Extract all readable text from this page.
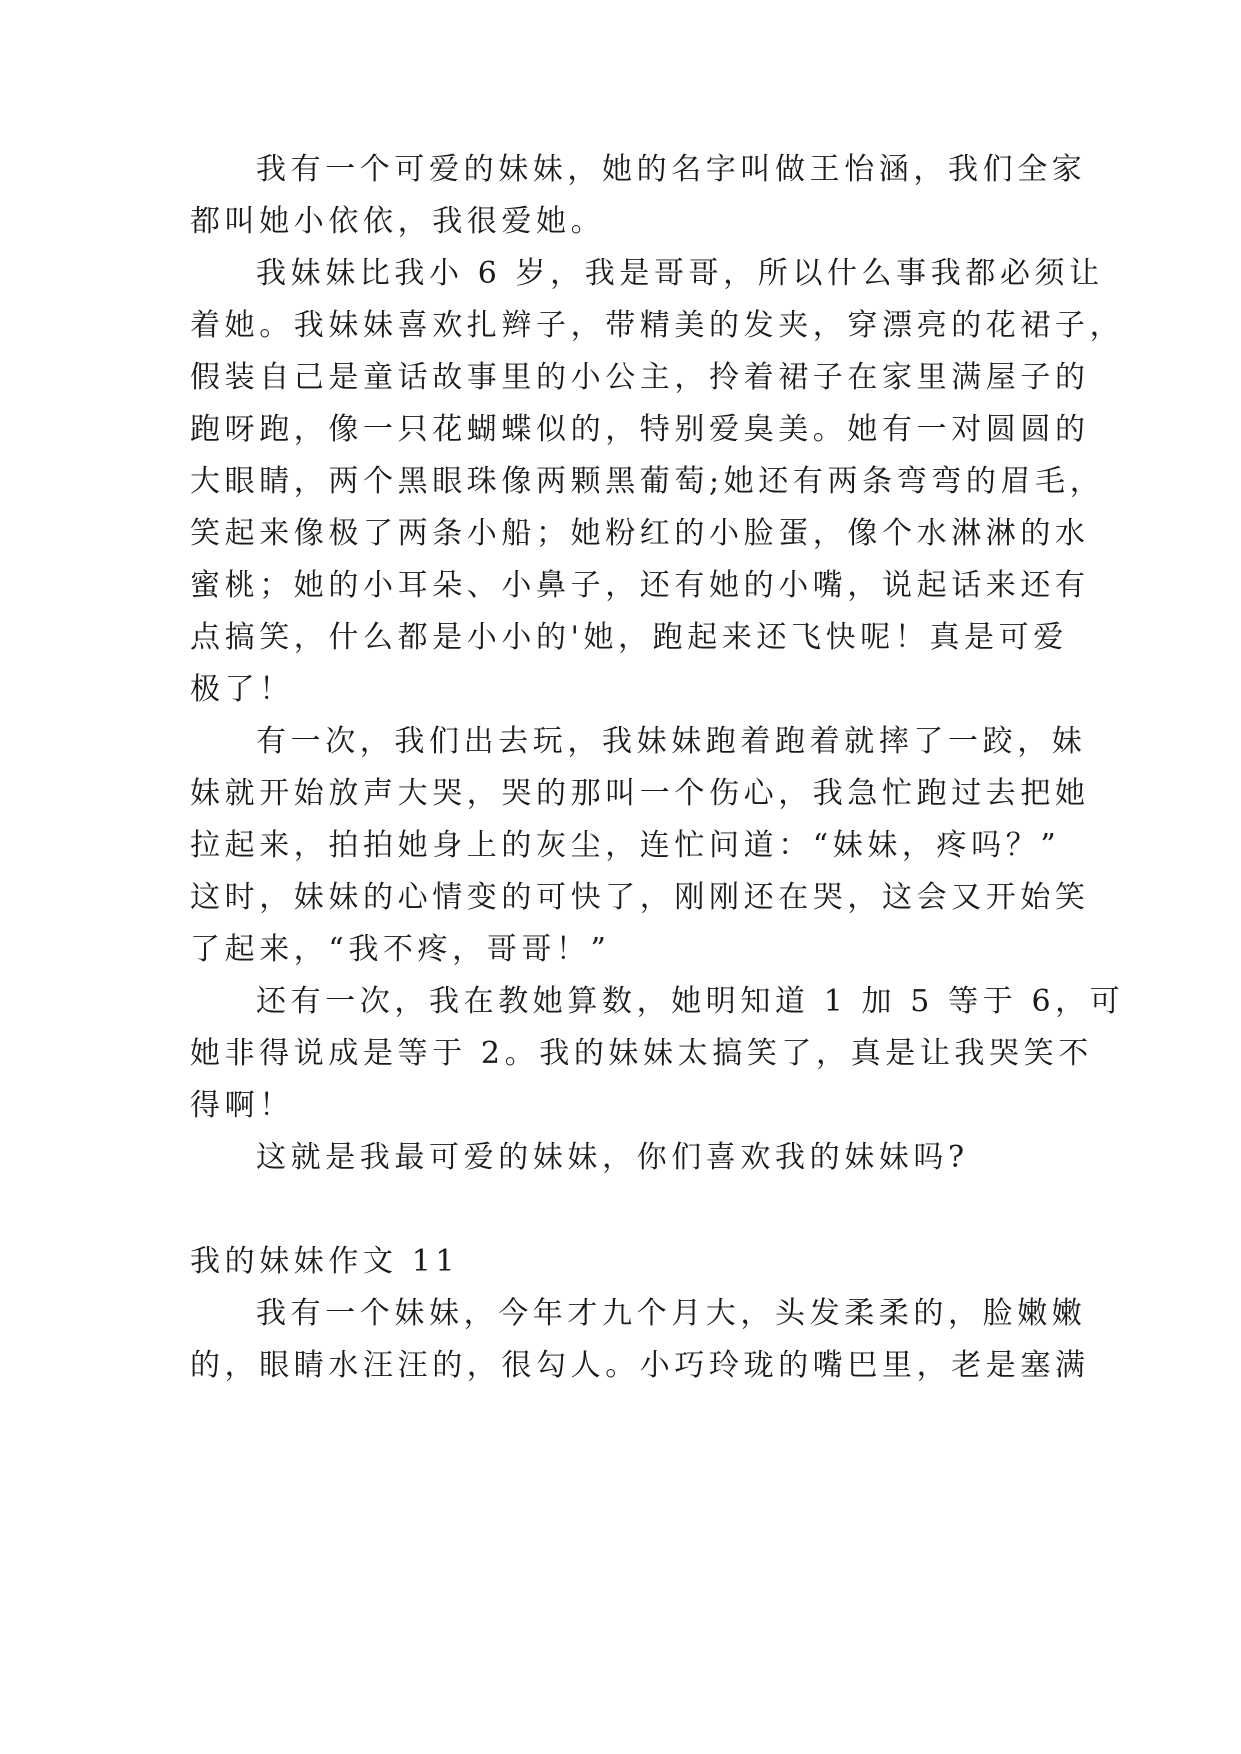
我有一个可爱的妹妹，她的名字叫做王怡涵，我们全家
都叫她小依依，我很爱她。
我妹妹比我小 6 岁，我是哥哥，所以什么事我都必须让
着她。我妹妹喜欢扎辫子，带精美的发夹，穿漂亮的花裙子，
假装自己是童话故事里的小公主，拎着裙子在家里满屋子的
跑呀跑，像一只花蝴蝶似的，特别爱臭美。她有一对圆圆的
大眼睛，两个黑眼珠像两颗黑葡萄;她还有两条弯弯的眉毛，
笑起来像极了两条小船；她粉红的小脸蛋，像个水淋淋的水
蜜桃；她的小耳朵、小鼻子，还有她的小嘴，说起话来还有
点搞笑，什么都是小小的'她，跑起来还飞快呢！真是可爱
极了！
有一次，我们出去玩，我妹妹跑着跑着就摔了一跤，妹
妹就开始放声大哭，哭的那叫一个伤心，我急忙跑过去把她
拉起来，拍拍她身上的灰尘，连忙问道：“妹妹，疼吗？”
这时，妹妹的心情变的可快了，刚刚还在哭，这会又开始笑
了起来，“我不疼，哥哥！”
还有一次，我在教她算数，她明知道 1 加 5 等于 6，可
她非得说成是等于 2。我的妹妹太搞笑了，真是让我哭笑不
得啊！
这就是我最可爱的妹妹，你们喜欢我的妹妹吗?
我的妹妹作文 11
我有一个妹妹，今年才九个月大，头发柔柔的，脸嫩嫩
的，眼睛水汪汪的，很勾人。小巧玲珑的嘴巴里，老是塞满
